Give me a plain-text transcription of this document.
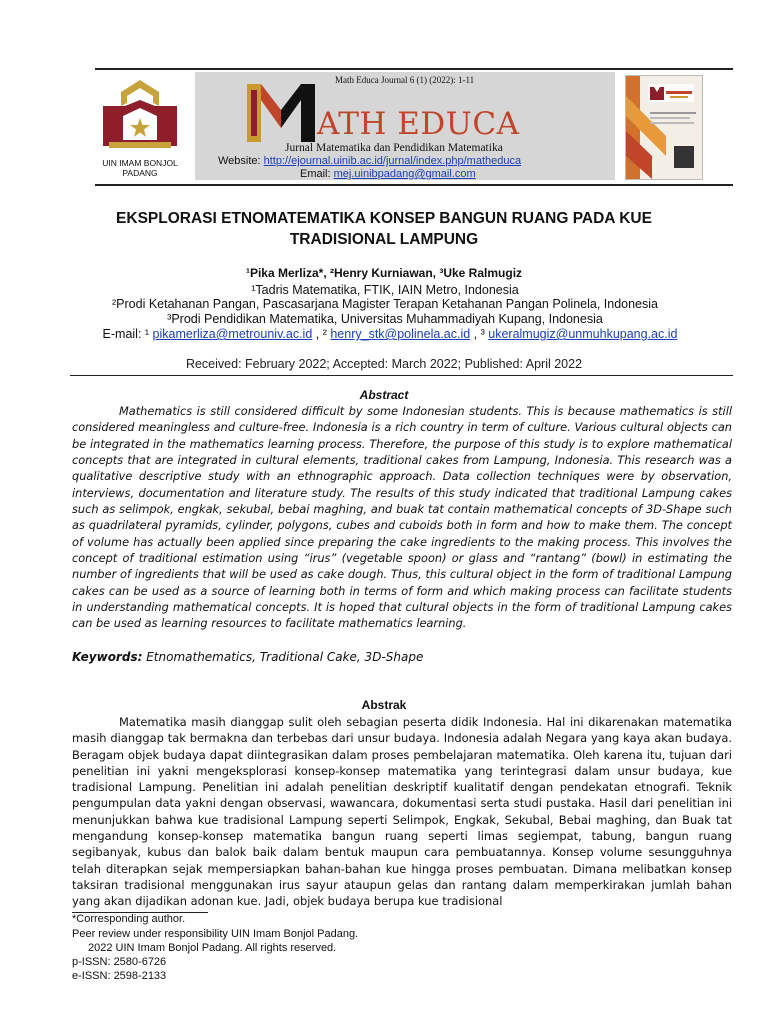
UIN IMAM BONJOL PADANG
Math Educa Journal 6 (1) (2022): 1-11
ATH EDUCA
Jurnal Matematika dan Pendidikan Matematika
Website: http://ejournal.uinib.ac.id/jurnal/index.php/matheduca
Email: mej.uinibpadang@gmail.com
EKSPLORASI ETNOMATEMATIKA KONSEP BANGUN RUANG PADA KUE
TRADISIONAL LAMPUNG
¹Pika Merliza*, ²Henry Kurniawan, ³Uke Ralmugiz
¹Tadris Matematika, FTIK, IAIN Metro, Indonesia
²Prodi Ketahanan Pangan, Pascasarjana Magister Terapan Ketahanan Pangan Polinela, Indonesia
³Prodi Pendidikan Matematika, Universitas Muhammadiyah Kupang, Indonesia
E-mail: ¹ pikamerliza@metrouniv.ac.id , ² henry_stk@polinela.ac.id , ³ ukeralmugiz@unmuhkupang.ac.id
Received: February 2022; Accepted: March 2022; Published: April 2022
Abstract

Mathematics is still considered difficult by some Indonesian students. This is because mathematics is still considered meaningless and culture-free. Indonesia is a rich country in term of culture. Various cultural objects can be integrated in the mathematics learning process. Therefore, the purpose of this study is to explore mathematical concepts that are integrated in cultural elements, traditional cakes from Lampung, Indonesia. This research was a qualitative descriptive study with an ethnographic approach. Data collection techniques were by observation, interviews, documentation and literature study. The results of this study indicated that traditional Lampung cakes such as selimpok, engkak, sekubal, bebai maghing, and buak tat contain mathematical concepts of 3D-Shape such as quadrilateral pyramids, cylinder, polygons, cubes and cuboids both in form and how to make them. The concept of volume has actually been applied since preparing the cake ingredients to the making process. This involves the concept of traditional estimation using “irus” (vegetable spoon) or glass and “rantang” (bowl) in estimating the number of ingredients that will be used as cake dough. Thus, this cultural object in the form of traditional Lampung cakes can be used as a source of learning both in terms of form and which making process can facilitate students in understanding mathematical concepts. It is hoped that cultural objects in the form of traditional Lampung cakes can be used as learning resources to facilitate mathematics learning.

Keywords: Etnomathematics, Traditional Cake, 3D-Shape
Abstrak

Matematika masih dianggap sulit oleh sebagian peserta didik Indonesia. Hal ini dikarenakan matematika masih dianggap tak bermakna dan terbebas dari unsur budaya. Indonesia adalah Negara yang kaya akan budaya. Beragam objek budaya dapat diintegrasikan dalam proses pembelajaran matematika. Oleh karena itu, tujuan dari penelitian ini yakni mengeksplorasi konsep-konsep matematika yang terintegrasi dalam unsur budaya, kue tradisional Lampung. Penelitian ini adalah penelitian deskriptif kualitatif dengan pendekatan etnografi. Teknik pengumpulan data yakni dengan observasi, wawancara, dokumentasi serta studi pustaka. Hasil dari penelitian ini menunjukkan bahwa kue tradisional Lampung seperti Selimpok, Engkak, Sekubal, Bebai maghing, dan Buak tat mengandung konsep-konsep matematika bangun ruang seperti limas segiempat, tabung, bangun ruang segibanyak, kubus dan balok baik dalam bentuk maupun cara pembuatannya. Konsep volume sesungguhnya telah diterapkan sejak mempersiapkan bahan-bahan kue hingga proses pembuatan. Dimana melibatkan konsep taksiran tradisional menggunakan irus sayur ataupun gelas dan rantang dalam memperkirakan jumlah bahan yang akan dijadikan adonan kue. Jadi, objek budaya berupa kue tradisional

*Corresponding author.
Peer review under responsibility UIN Imam Bonjol Padang.
2022 UIN Imam Bonjol Padang. All rights reserved.
p-ISSN: 2580-6726
e-ISSN: 2598-2133
